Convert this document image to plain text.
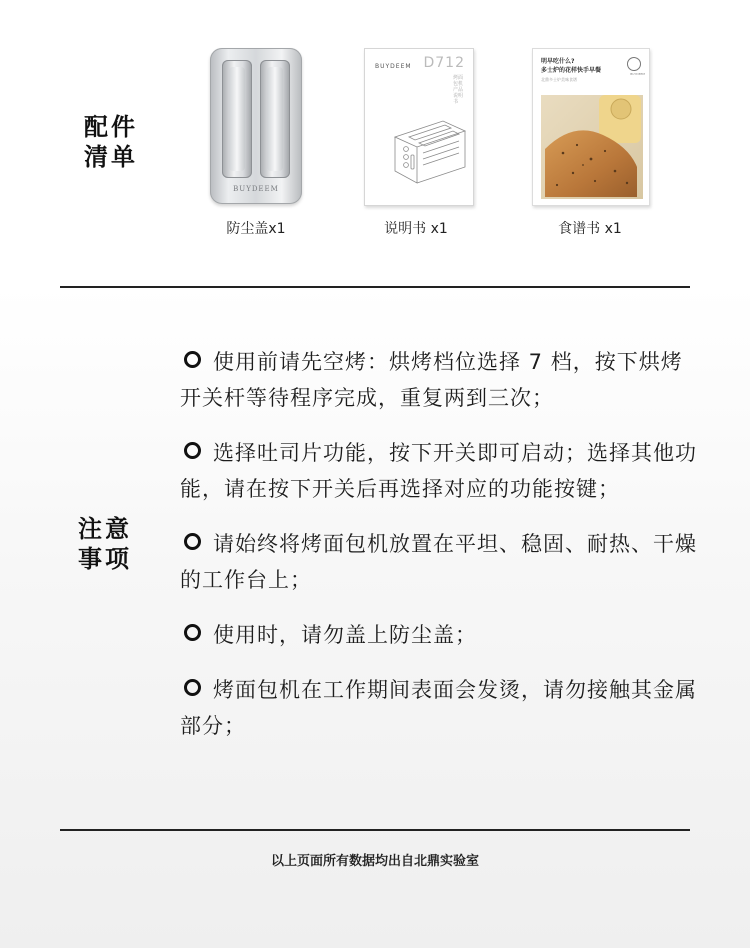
配件
清单
BUYDEEM
防尘盖x1
BUYDEEM D712
烤面包机产品说明书
说明书 x1
明早吃什么?
多士炉的花样快手早餐
北鼎多士炉美味食谱
BUYDEEM
食谱书 x1
注意
事项
使用前请先空烤：烘烤档位选择 7 档，按下烘烤开关杆等待程序完成，重复两到三次；
选择吐司片功能，按下开关即可启动；选择其他功能，请在按下开关后再选择对应的功能按键；
请始终将烤面包机放置在平坦、稳固、耐热、干燥的工作台上；
使用时，请勿盖上防尘盖；
烤面包机在工作期间表面会发烫，请勿接触其金属部分；
以上页面所有数据均出自北鼎实验室
